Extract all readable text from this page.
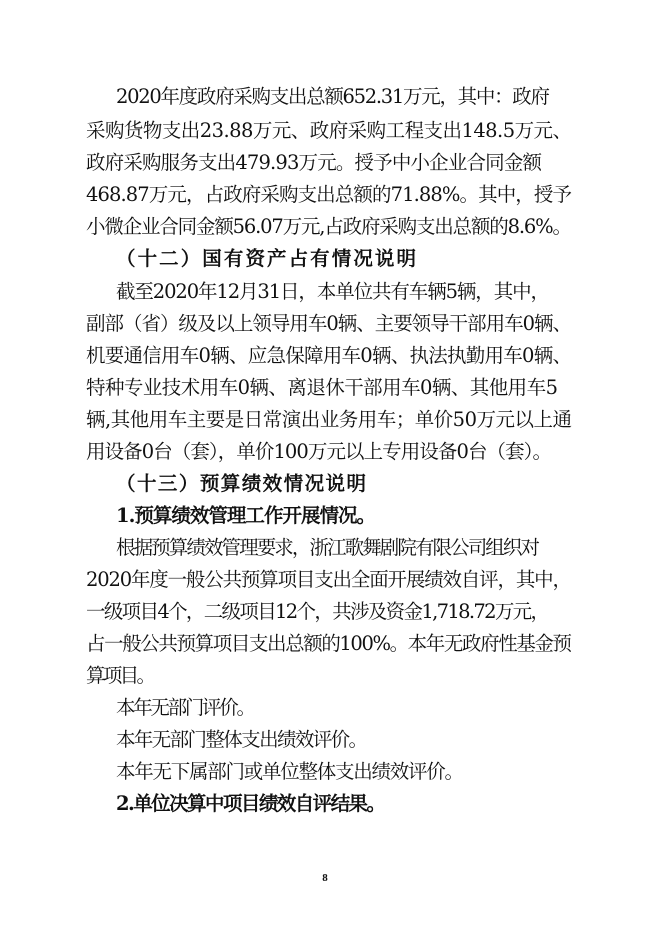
2020年度政府采购支出总额652.31万元，其中：政府
采购货物支出23.88万元、政府采购工程支出148.5万元、
政府采购服务支出479.93万元。授予中小企业合同金额
468.87万元，占政府采购支出总额的71.88%。其中，授予
小微企业合同金额56.07万元,占政府采购支出总额的8.6%。
（十二）国有资产占有情况说明
截至2020年12月31日，本单位共有车辆5辆，其中，
副部（省）级及以上领导用车0辆、主要领导干部用车0辆、
机要通信用车0辆、应急保障用车0辆、执法执勤用车0辆、
特种专业技术用车0辆、离退休干部用车0辆、其他用车5
辆,其他用车主要是日常演出业务用车；单价50万元以上通
用设备0台（套），单价100万元以上专用设备0台（套）。
（十三）预算绩效情况说明
1.预算绩效管理工作开展情况。
根据预算绩效管理要求，浙江歌舞剧院有限公司组织对
2020年度一般公共预算项目支出全面开展绩效自评，其中，
一级项目4个，二级项目12个，共涉及资金1,718.72万元，
占一般公共预算项目支出总额的100%。本年无政府性基金预
算项目。
本年无部门评价。
本年无部门整体支出绩效评价。
本年无下属部门或单位整体支出绩效评价。
2.单位决算中项目绩效自评结果。
8
